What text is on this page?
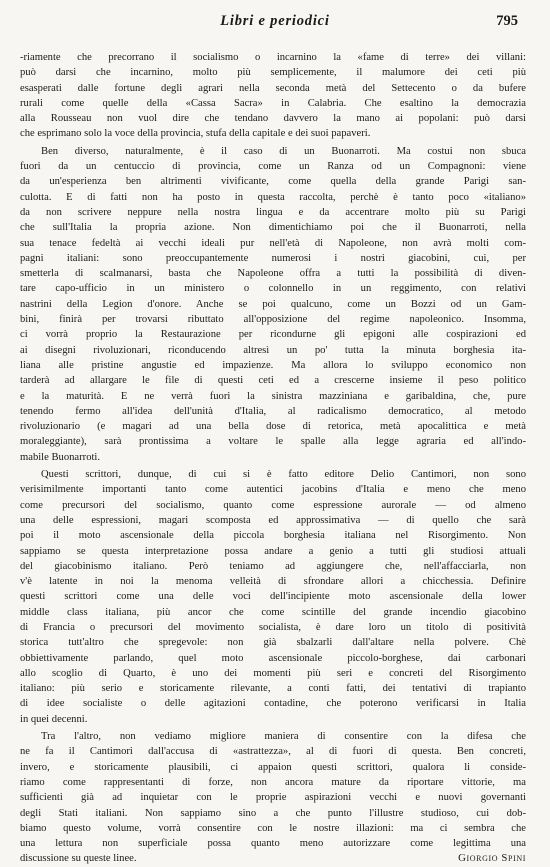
Libri e periodici	795
-riamente che precorrano il socialismo o incarnino la «fame di terre» dei villani:
può darsi che incarnino, molto più semplicemente, il malumore dei ceti più
esasperati dalle fortune degli agrari nella seconda metà del Settecento o da bufere
rurali come quelle della «Cassa Sacra» in Calabria. Che esaltino la democrazia
alla Rousseau non vuol dire che tendano davvero la mano ai popolani: può darsi
che esprimano solo la voce della provincia, stufa della capitale e dei suoi papaveri.
Ben diverso, naturalmente, è il caso di un Buonarroti. Ma costui non sbuca
fuori da un centuccio di provincia, come un Ranza od un Compagnoni: viene
da un'esperienza ben altrimenti vivificante, come quella della grande Parigi san-
culotta. E di fatti non ha posto in questa raccolta, perchè è tanto poco «italiano»
da non scrivere neppure nella nostra lingua e da accentrare molto più su Parigi
che sull'Italia la propria azione. Non dimentichiamo poi che il Buonarroti, nella
sua tenace fedeltà ai vecchi ideali pur nell'età di Napoleone, non avrà molti com-
pagni italiani: sono preoccupantemente numerosi i nostri giacobini, cui, per
smetterla di scalmanarsi, basta che Napoleone offra a tutti la possibilità di diven-
tare capo-ufficio in un ministero o colonnello in un reggimento, con relativi
nastrini della Legion d'onore. Anche se poi qualcuno, come un Bozzi od un Gam-
bini, finirà per trovarsi ributtato all'opposizione del regime napoleonico. Insomma,
ci vorrà proprio la Restaurazione per ricondurne gli epigoni alle cospirazioni ed
ai disegni rivoluzionari, riconducendo altresì un po' tutta la minuta borghesia ita-
liana alle pristine angustie ed impazienze. Ma allora lo sviluppo economico non
tarderà ad allargare le file di questi ceti ed a crescerne insieme il peso politico
e la maturità. E ne verrà fuori la sinistra mazziniana e garibaldina, che, pure
tenendo fermo all'idea dell'unità d'Italia, al radicalismo democratico, al metodo
rivoluzionario (e magari ad una bella dose di retorica, metà apocalittica e metà
moraleggiante), sarà prontissima a voltare le spalle alla legge agraria ed all'indo-
mabile Buonarroti.
Questi scrittori, dunque, di cui si è fatto editore Delio Cantimori, non sono
verisimilmente importanti tanto come autentici jacobins d'Italia e meno che meno
come precursori del socialismo, quanto come espressione aurorale — od almeno
una delle espressioni, magari scomposta ed approssimativa — di quello che sarà
poi il moto ascensionale della piccola borghesia italiana nel Risorgimento. Non
sappiamo se questa interpretazione possa andare a genio a tutti gli studiosi attuali
del giacobinismo italiano. Però teniamo ad aggiungere che, nell'affacciarla, non
v'è latente in noi la menoma velleità di sfrondare allori a chicchessia. Definire
questi scrittori come una delle voci dell'incipiente moto ascensionale della lower
middle class italiana, più ancor che come scintille del grande incendio giacobino
di Francia o precursori del movimento socialista, è dare loro un titolo di positività
storica tutt'altro che spregevole: non già sbalzarli dall'altare nella polvere. Chè
obbiettivamente parlando, quel moto ascensionale piccolo-borghese, dai carbonari
allo scoglio di Quarto, è uno dei momenti più seri e concreti del Risorgimento
italiano: più serio e storicamente rilevante, a conti fatti, dei tentativi di trapianto
di idee socialiste o delle agitazioni contadine, che poterono verificarsi in Italia
in quei decenni.
Tra l'altro, non vediamo migliore maniera di consentire con la difesa che
ne fa il Cantimori dall'accusa di «astrattezza», al di fuori di questa. Ben concreti,
invero, e storicamente plausibili, ci appaion questi scrittori, qualora li conside-
riamo come rappresentanti di forze, non ancora mature da riportare vittorie, ma
sufficienti già ad inquietar con le proprie aspirazioni vecchi e nuovi governanti
degli Stati italiani. Non sappiamo sino a che punto l'illustre studioso, cui dob-
biamo questo volume, vorrà consentire con le nostre illazioni: ma ci sembra che
una lettura non superficiale possa quanto meno autorizzare come legittima una
discussione su queste linee.	Giorgio Spini
